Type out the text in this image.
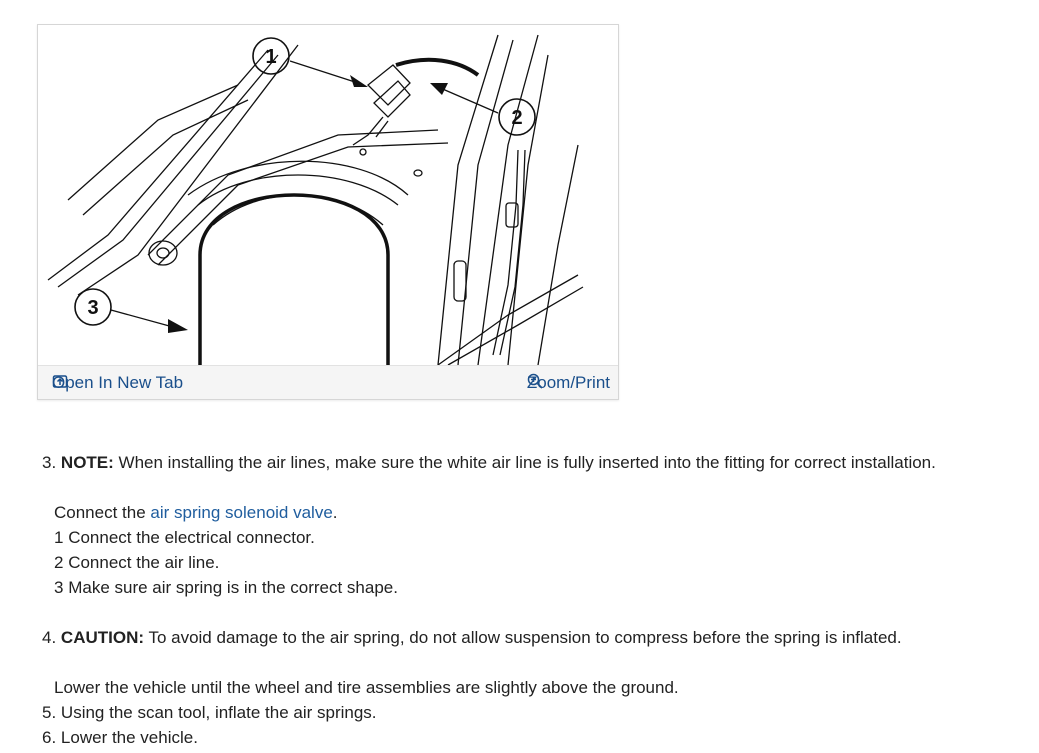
1
2
3
Open In New Tab	Zoom/Print
3. NOTE: When installing the air lines, make sure the white air line is fully inserted into the fitting for correct installation.
Connect the air spring solenoid valve.
1 Connect the electrical connector.
2 Connect the air line.
3 Make sure air spring is in the correct shape.
4. CAUTION: To avoid damage to the air spring, do not allow suspension to compress before the spring is inflated.
Lower the vehicle until the wheel and tire assemblies are slightly above the ground.
5. Using the scan tool, inflate the air springs.
6. Lower the vehicle.
